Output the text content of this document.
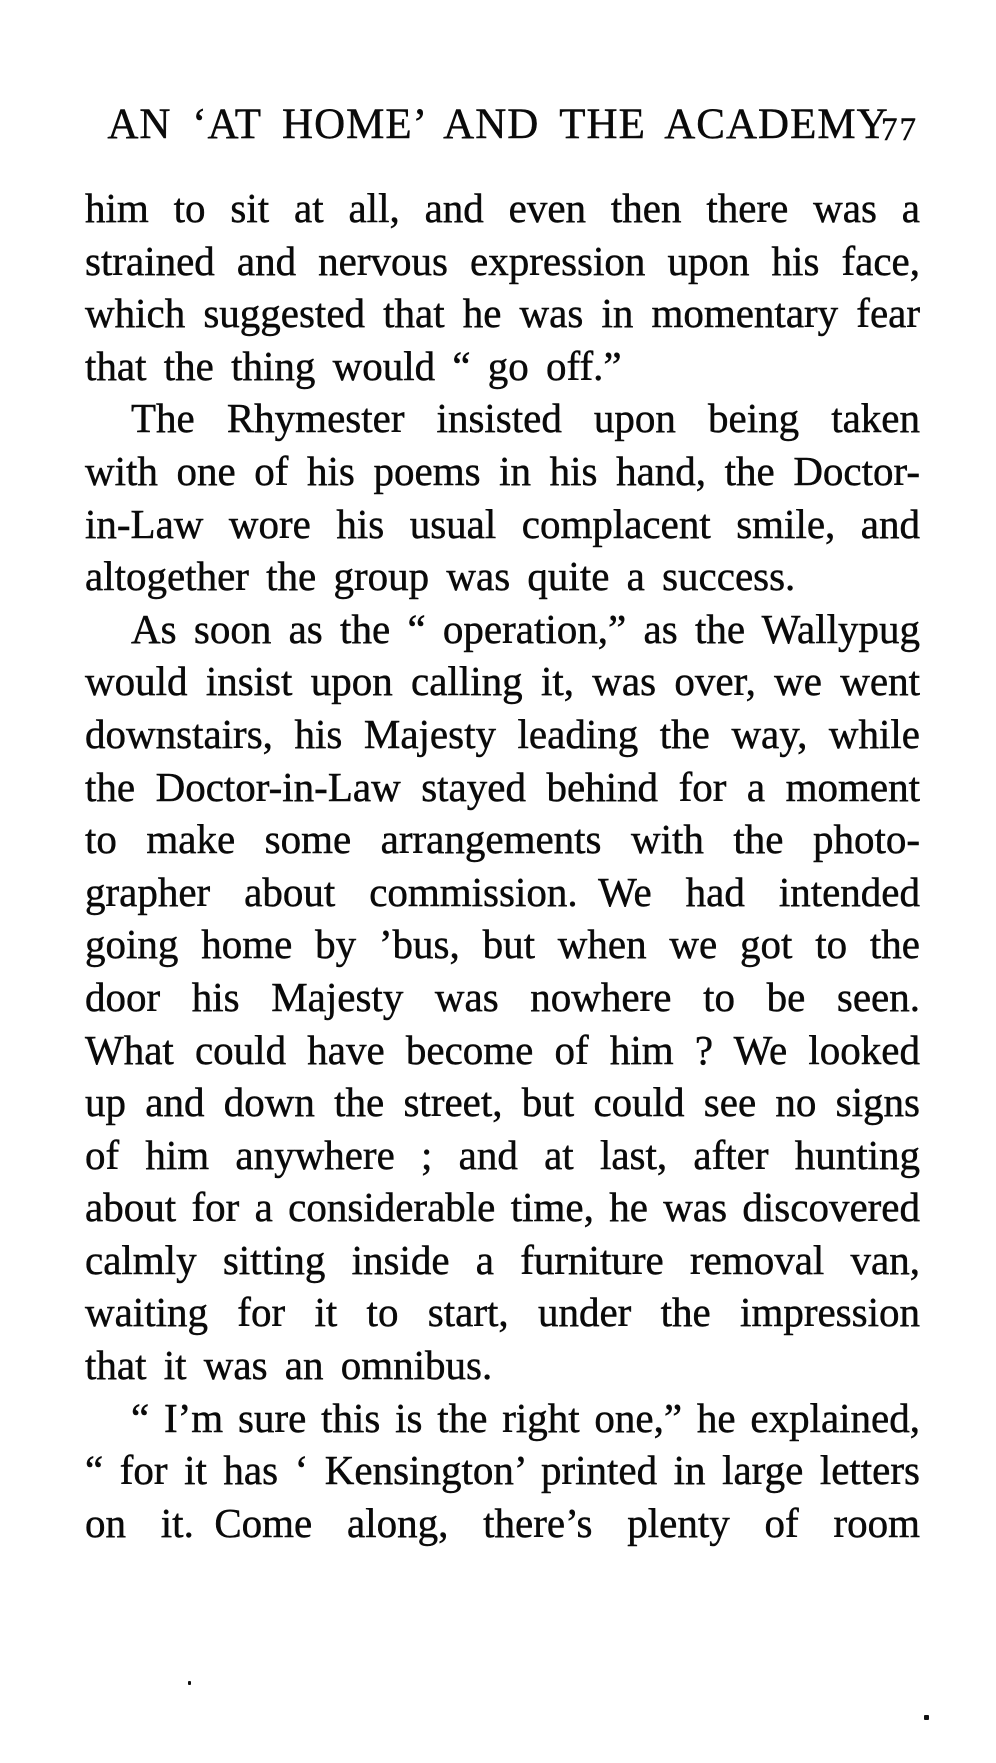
AN ‘AT HOME’ AND THE ACADEMY
77
him to sit at all, and even then there was a
strained and nervous expression upon his face,
which suggested that he was in momentary fear
that the thing would “ go off.”
The Rhymester insisted upon being taken
with one of his poems in his hand, the Doctor-
in-Law wore his usual complacent smile, and
altogether the group was quite a success.
As soon as the “ operation,” as the Wallypug
would insist upon calling it, was over, we went
downstairs, his Majesty leading the way, while
the Doctor-in-Law stayed behind for a moment
to make some arrangements with the photo-
grapher about commission. We had intended
going home by ’bus, but when we got to the
door his Majesty was nowhere to be seen.
What could have become of him ? We looked
up and down the street, but could see no signs
of him anywhere ; and at last, after hunting
about for a considerable time, he was discovered
calmly sitting inside a furniture removal van,
waiting for it to start, under the impression
that it was an omnibus.
“ I’m sure this is the right one,” he explained,
“ for it has ‘ Kensington’ printed in large letters
on it. Come along, there’s plenty of room
